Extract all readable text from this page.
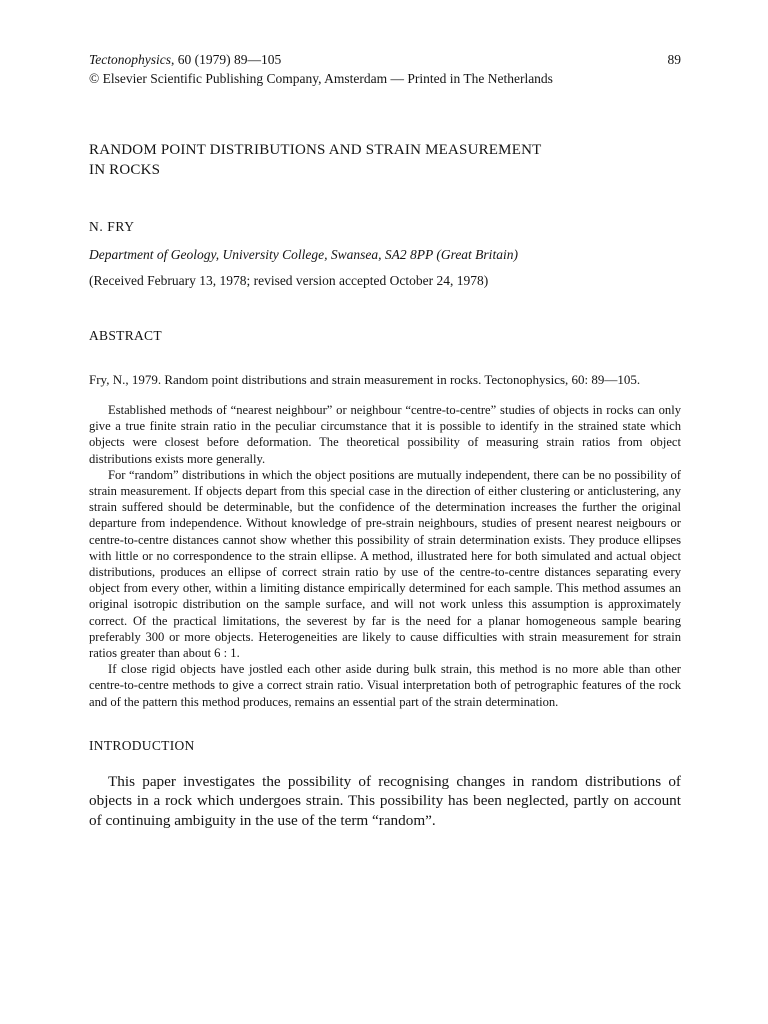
Tectonophysics, 60 (1979) 89—105	89
© Elsevier Scientific Publishing Company, Amsterdam — Printed in The Netherlands
RANDOM POINT DISTRIBUTIONS AND STRAIN MEASUREMENT
IN ROCKS
N. FRY
Department of Geology, University College, Swansea, SA2 8PP (Great Britain)
(Received February 13, 1978; revised version accepted October 24, 1978)
ABSTRACT
Fry, N., 1979. Random point distributions and strain measurement in rocks. Tectonophysics, 60: 89—105.

Established methods of “nearest neighbour” or neighbour “centre-to-centre” studies of objects in rocks can only give a true finite strain ratio in the peculiar circumstance that it is possible to identify in the strained state which objects were closest before deformation. The theoretical possibility of measuring strain ratios from object distributions exists more generally.

For “random” distributions in which the object positions are mutually independent, there can be no possibility of strain measurement. If objects depart from this special case in the direction of either clustering or anticlustering, any strain suffered should be determinable, but the confidence of the determination increases the further the original departure from independence. Without knowledge of pre-strain neighbours, studies of present nearest neigbours or centre-to-centre distances cannot show whether this possibility of strain determination exists. They produce ellipses with little or no correspondence to the strain ellipse. A method, illustrated here for both simulated and actual object distributions, produces an ellipse of correct strain ratio by use of the centre-to-centre distances separating every object from every other, within a limiting distance empirically determined for each sample. This method assumes an original isotropic distribution on the sample surface, and will not work unless this assumption is approximately correct. Of the practical limitations, the severest by far is the need for a planar homogeneous sample bearing preferably 300 or more objects. Heterogeneities are likely to cause difficulties with strain measurement for strain ratios greater than about 6 : 1.

If close rigid objects have jostled each other aside during bulk strain, this method is no more able than other centre-to-centre methods to give a correct strain ratio. Visual interpretation both of petrographic features of the rock and of the pattern this method produces, remains an essential part of the strain determination.

INTRODUCTION
This paper investigates the possibility of recognising changes in random distributions of objects in a rock which undergoes strain. This possibility has been neglected, partly on account of continuing ambiguity in the use of the term “random”.
